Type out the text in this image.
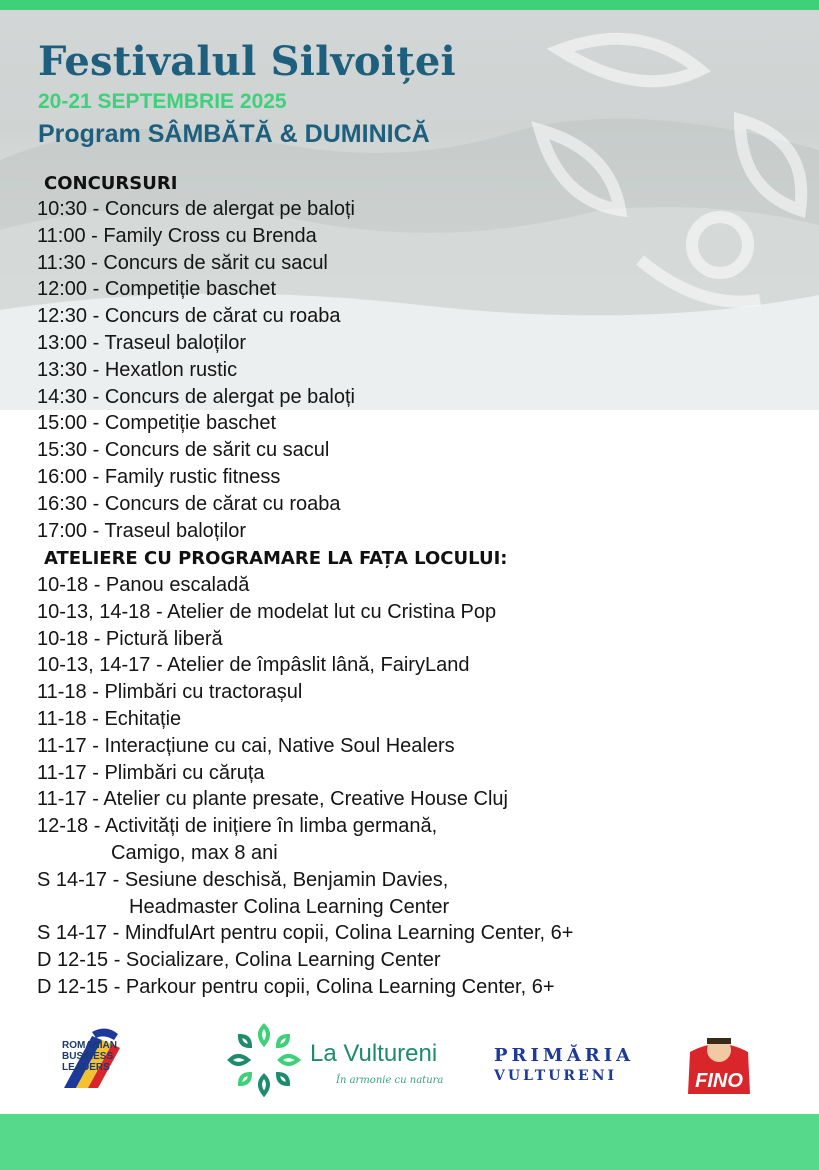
Festivalul Silvoiței
20-21 SEPTEMBRIE 2025
Program SÂMBĂTĂ & DUMINICĂ
CONCURSURI
10:30 - Concurs de alergat pe baloți
11:00 - Family Cross cu Brenda
11:30 - Concurs de sărit cu sacul
12:00 - Competiție baschet
12:30 - Concurs de cărat cu roaba
13:00 - Traseul baloților
13:30 - Hexatlon rustic
14:30 - Concurs de alergat pe baloți
15:00 - Competiție baschet
15:30 - Concurs de sărit cu sacul
16:00 - Family rustic fitness
16:30 - Concurs de cărat cu roaba
17:00 - Traseul baloților
ATELIERE CU PROGRAMARE LA FAȚA LOCULUI:
10-18 - Panou escaladă
10-13, 14-18 - Atelier de modelat lut cu Cristina Pop
10-18 - Pictură liberă
10-13, 14-17 - Atelier de împâslit lână, FairyLand
11-18 - Plimbări cu tractorașul
11-18 - Echitație
11-17 - Interacțiune cu cai, Native Soul Healers
11-17 - Plimbări cu căruța
11-17 - Atelier cu plante presate, Creative House Cluj
12-18 - Activități de inițiere în limba germană,
Camigo, max 8 ani
S 14-17 - Sesiune deschisă, Benjamin Davies,
Headmaster Colina Learning Center
S 14-17 - MindfulArt pentru copii, Colina Learning Center, 6+
D 12-15 - Socializare, Colina Learning Center
D 12-15 - Parkour pentru copii, Colina Learning Center, 6+
ROMANIAN
BUSINESS
LEADERS
La Vultureni
În armonie cu natura
PRIMĂRIA
VULTURENI	FINO
